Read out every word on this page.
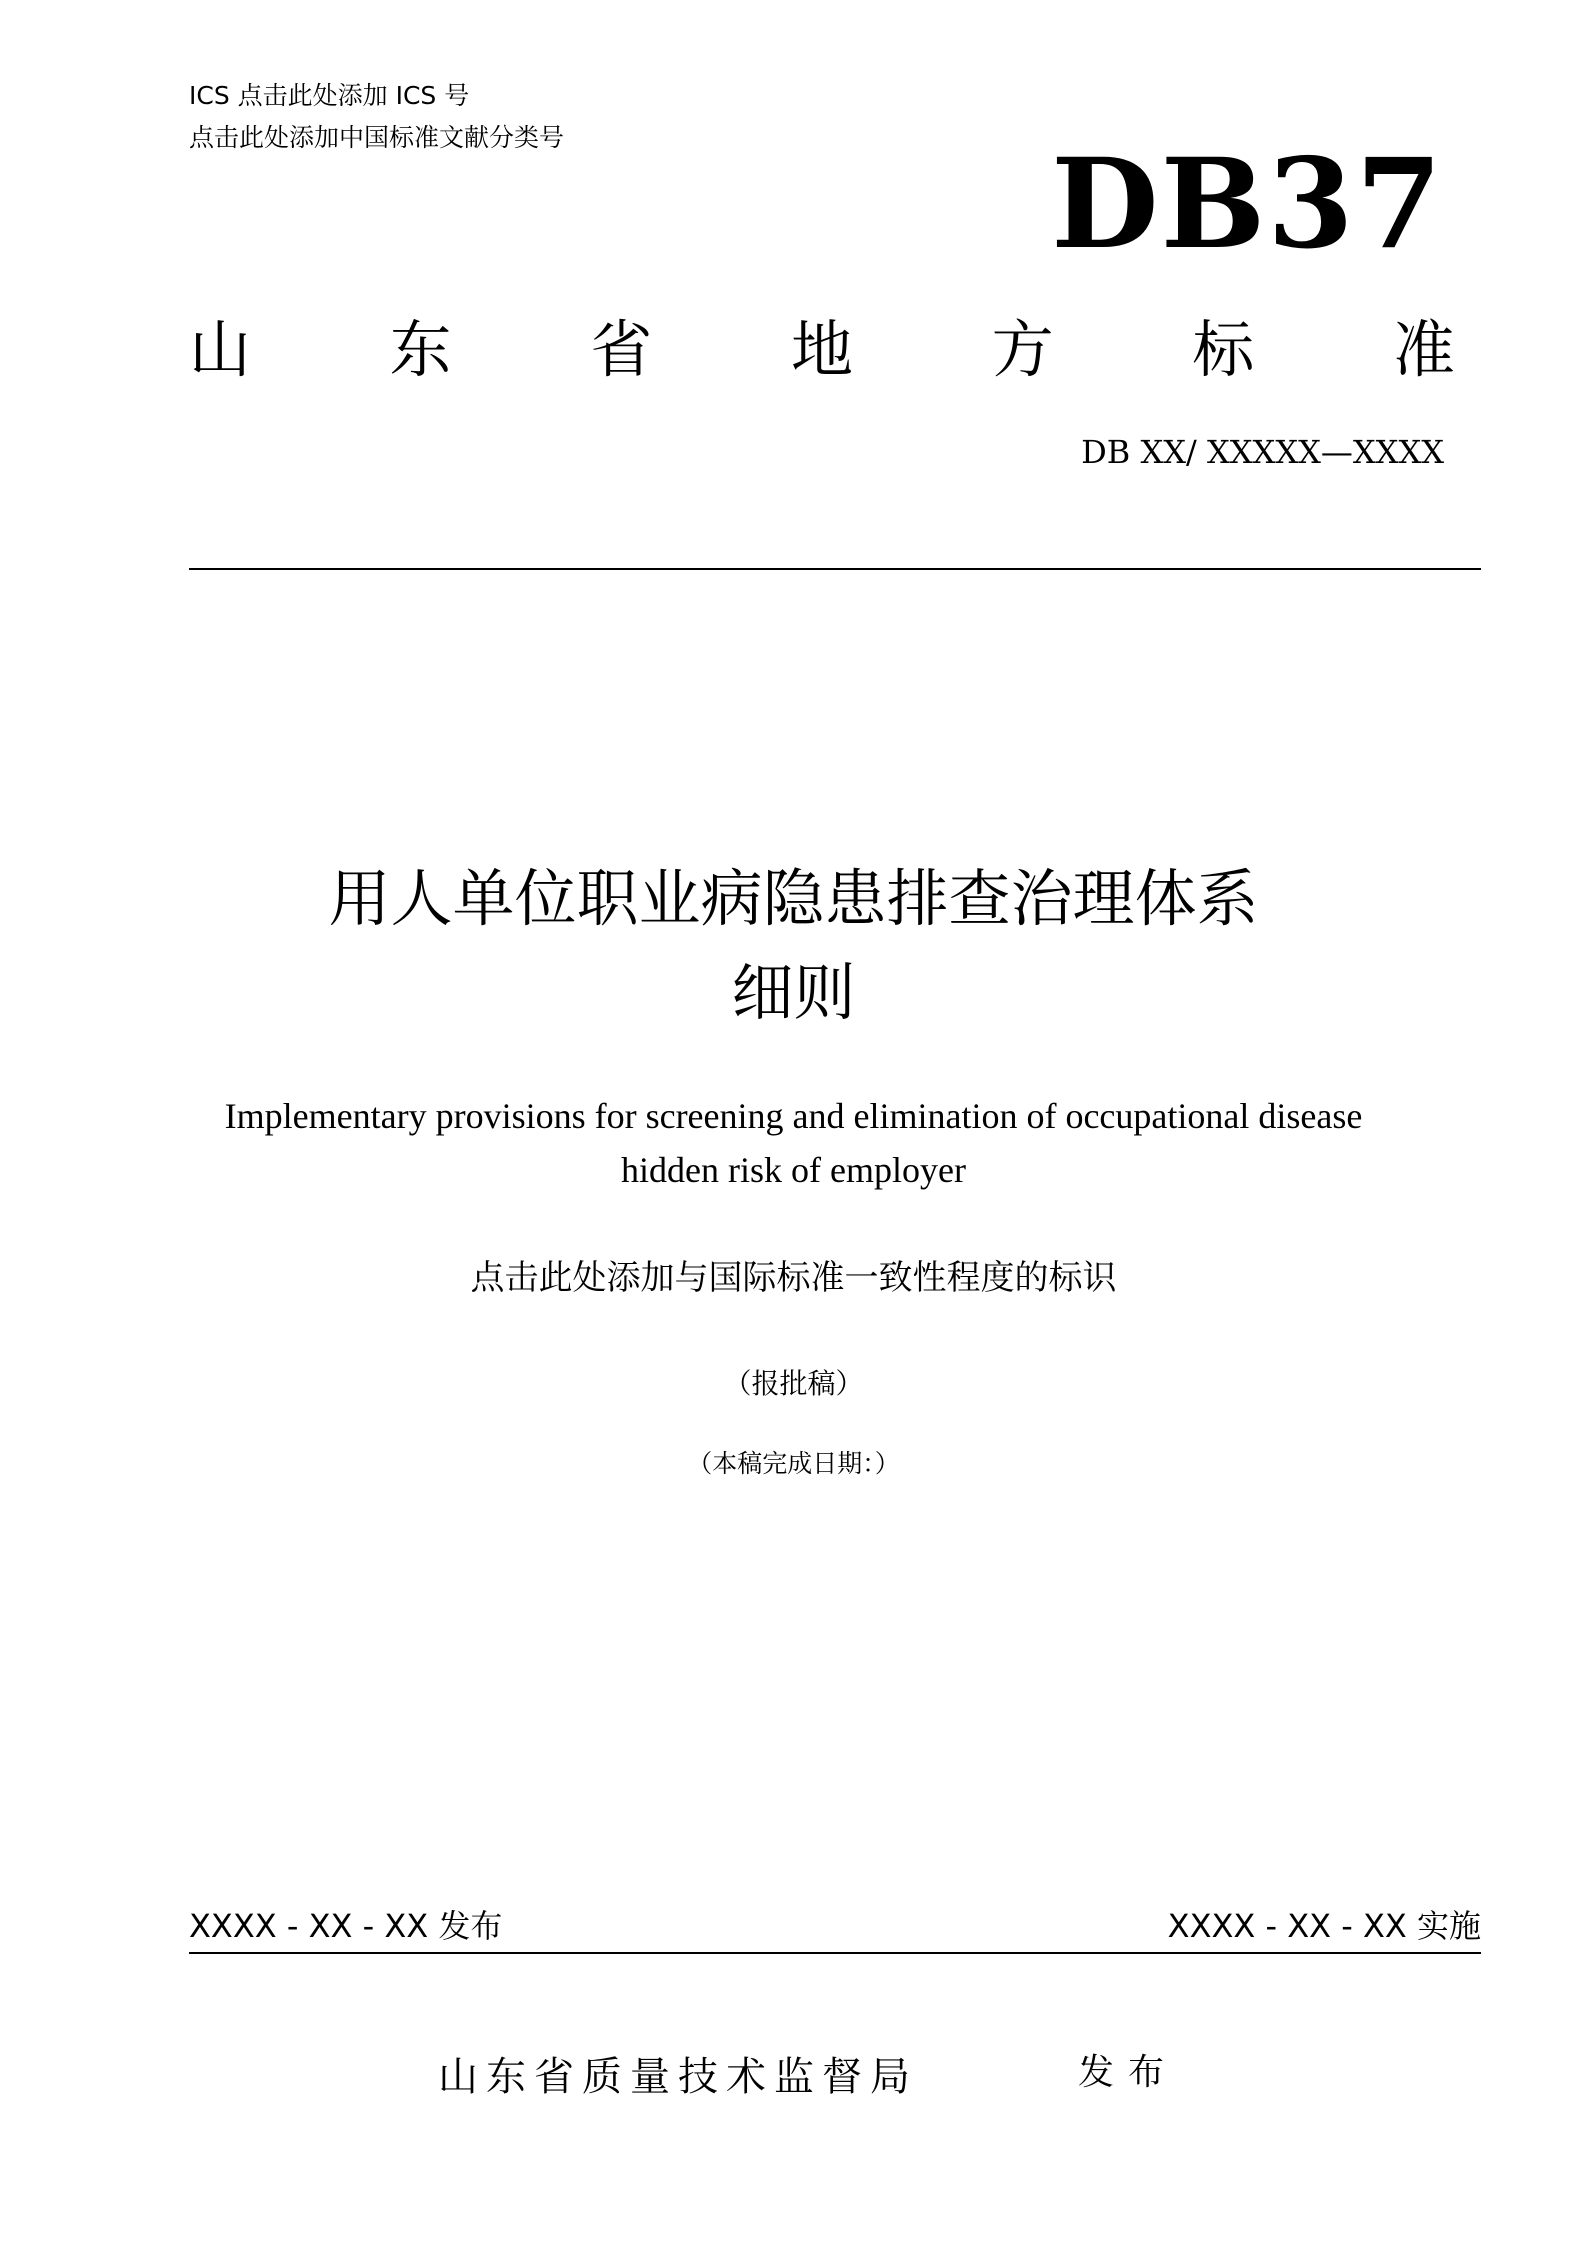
ICS 点击此处添加 ICS 号
点击此处添加中国标准文献分类号	DB37
山 东 省 地 方 标 准
DB XX/ XXXXX—XXXX
用人单位职业病隐患排查治理体系
细则
Implementary provisions for screening and elimination of occupational disease
hidden risk of employer
点击此处添加与国际标准一致性程度的标识
（报批稿）
（本稿完成日期：）
XXXX - XX - XX 发布	XXXX - XX - XX 实施
山东省质量技术监督局	发布
